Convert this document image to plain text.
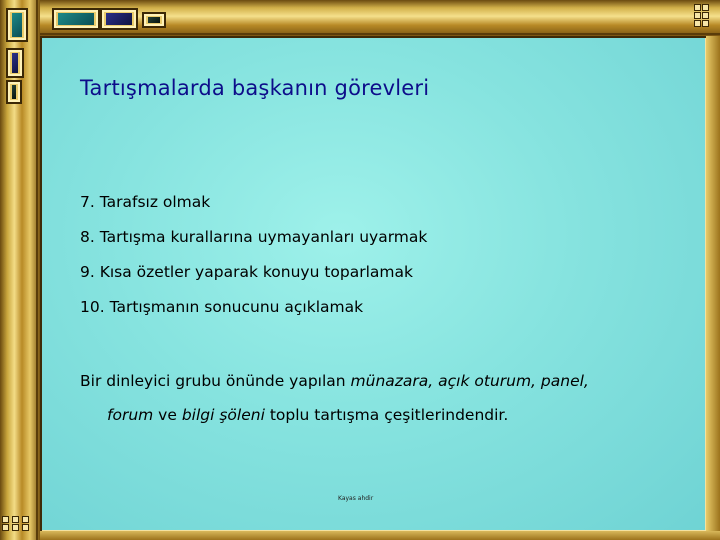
Tartışmalarda başkanın görevleri
7. Tarafsız olmak
8. Tartışma kurallarına uymayanları uyarmak
9. Kısa özetler yaparak konuyu toparlamak
10. Tartışmanın sonucunu açıklamak
Bir dinleyici grubu önünde yapılan münazara, açık oturum, panel,
forum ve bilgi şöleni toplu tartışma çeşitlerindendir.
Kayas ahdir
